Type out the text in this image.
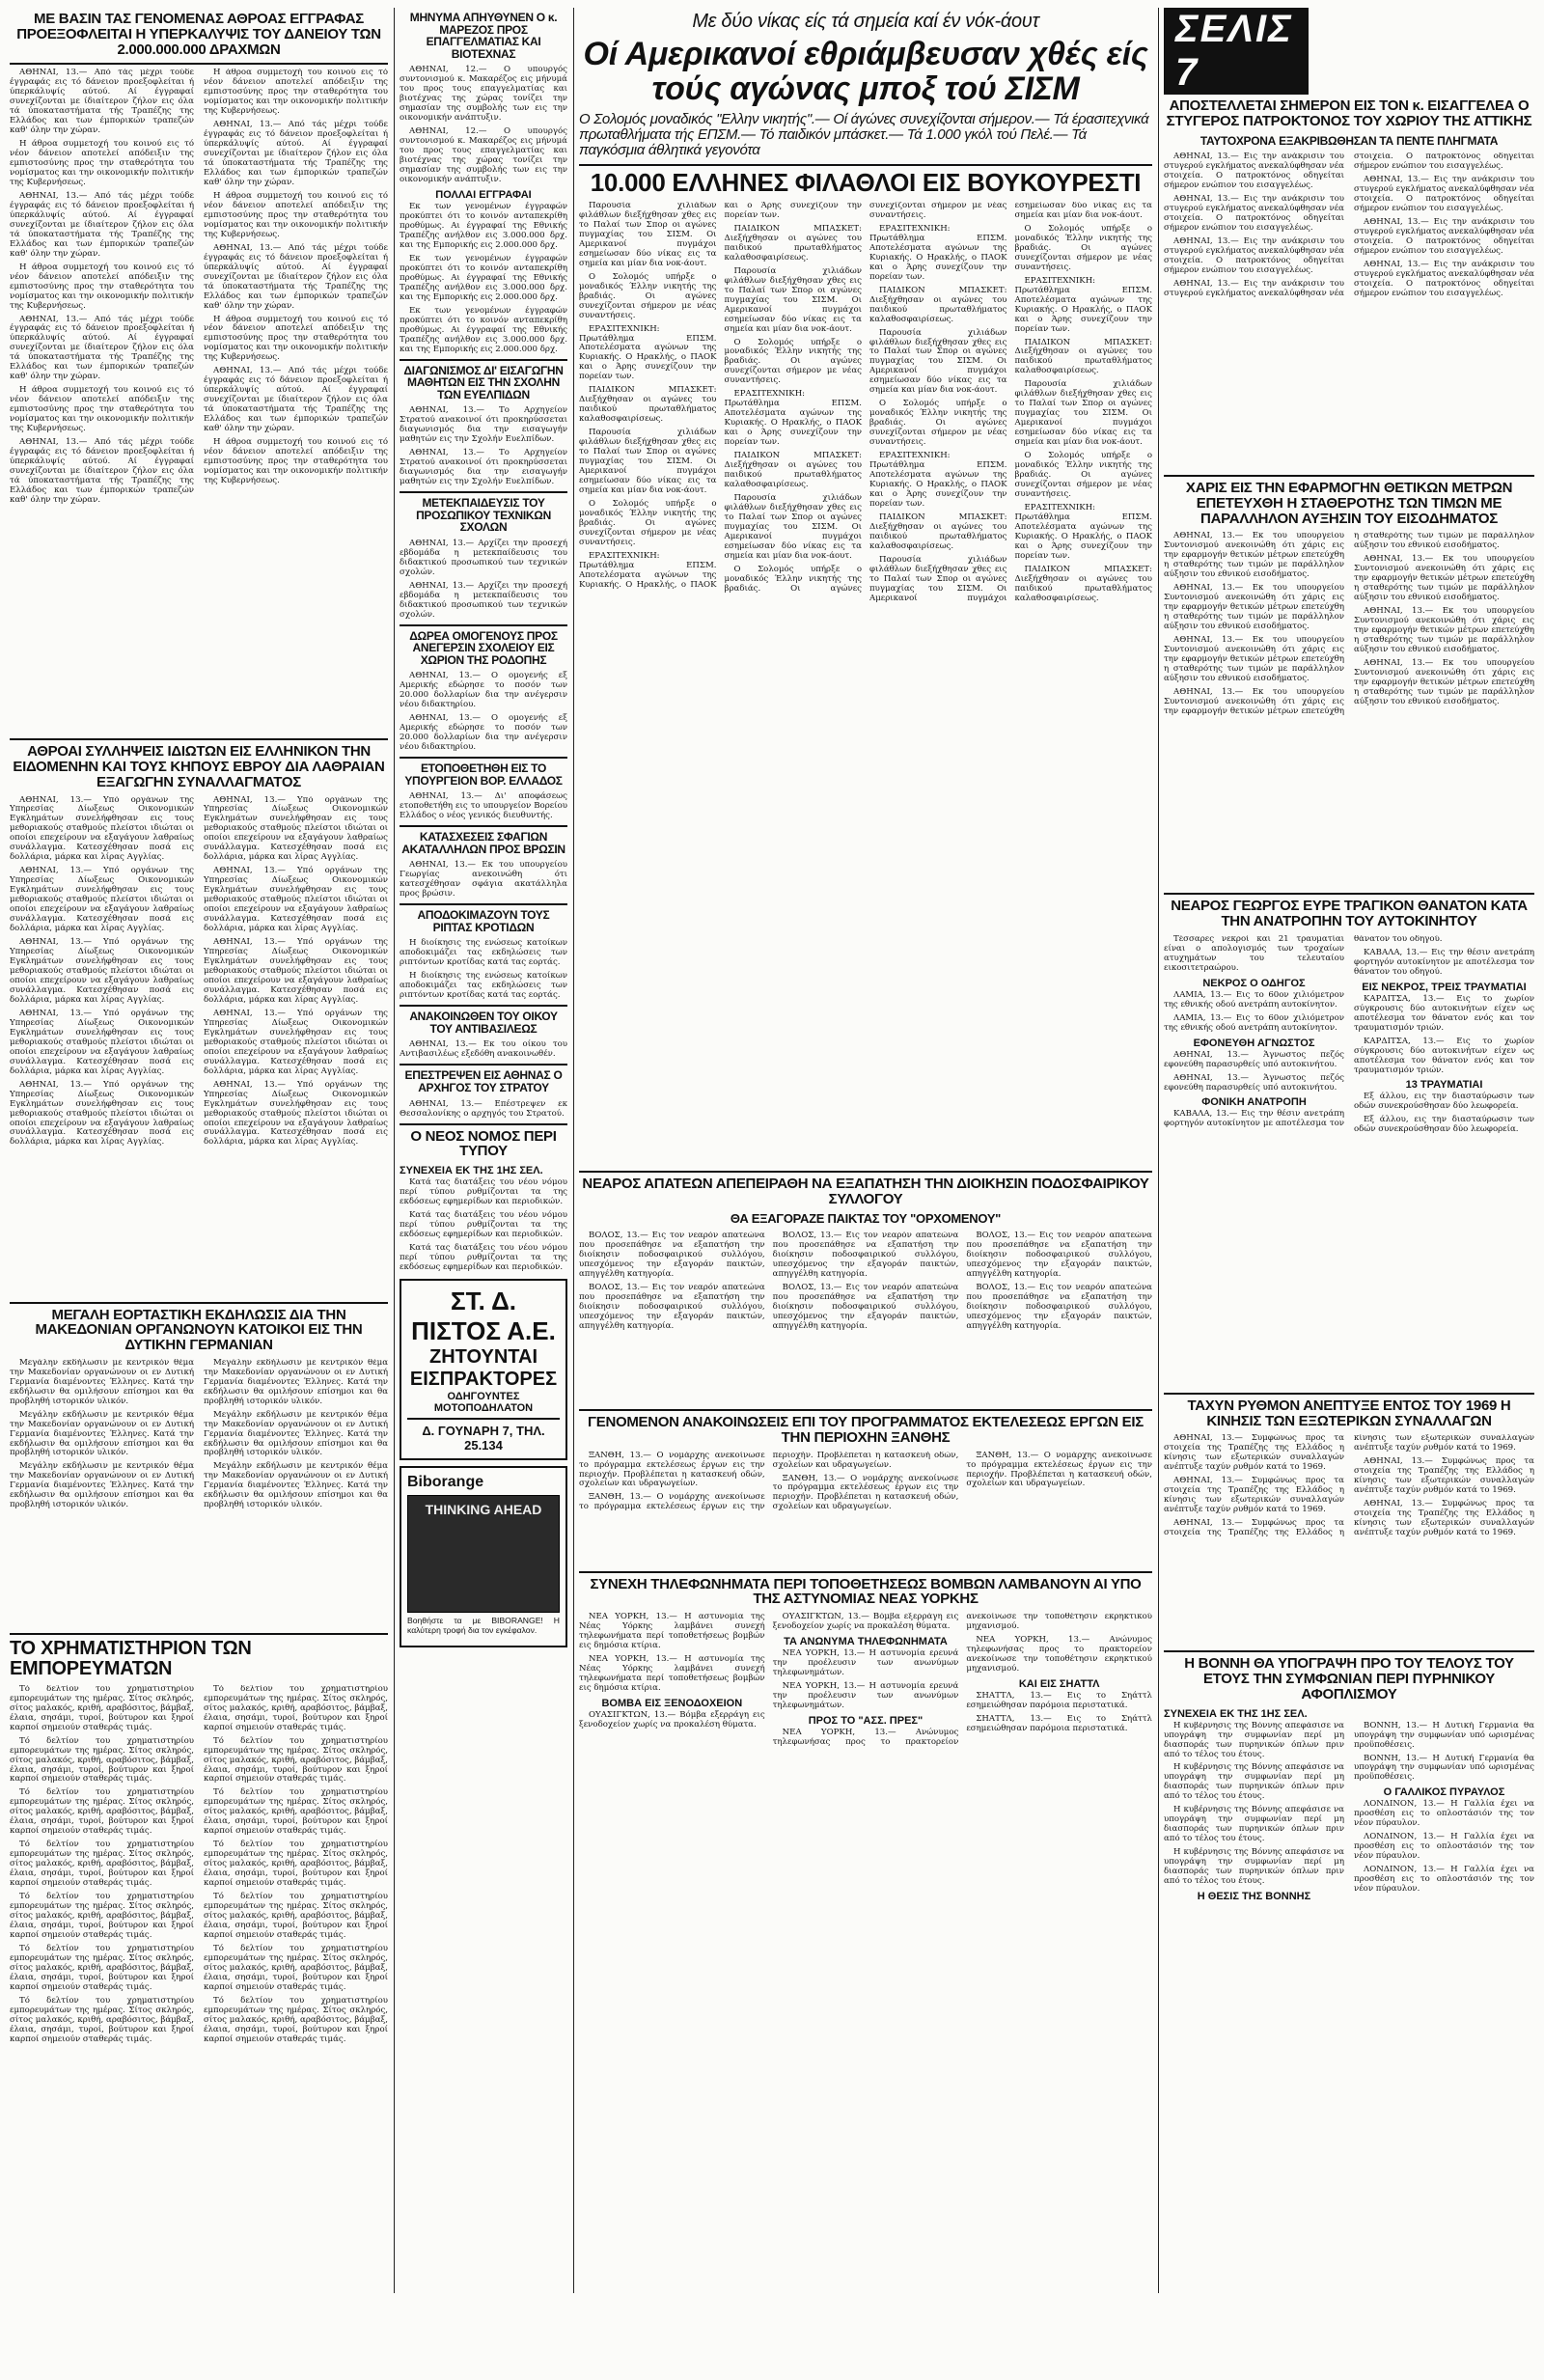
ΜΕ ΒΑΣΙΝ ΤΑΣ ΓΕΝΟΜΕΝΑΣ ΑΘΡΟΑΣ ΕΓΓΡΑΦΑΣ ΠΡΟΕΞΟΦΛΕΙΤΑΙ Η ΥΠΕΡΚΑΛΥΨΙΣ ΤΟΥ ΔΑΝΕΙΟΥ ΤΩΝ 2.000.000.000 ΔΡΑΧΜΩΝ

ΑΘΗΝΑΙ, 13.— Από τάς μέχρι τούδε έγγραφάς εις τό δάνειον προεξοφλείται ή ύπερκάλυψίς αύτού. Αί έγγραφαί συνεχίζονται με ίδιαίτερον ζήλον εις όλα τά ύποκαταστήματα τής Τραπέζης της Ελλάδος και των έμπορικών τραπεζών καθ' όλην την χώραν.

Η άθροα συμμετοχή του κοινού εις τό νέον δάνειον αποτελεί απόδειξιν της εμπιστοσύνης προς την σταθερότητα του νομίσματος και την οικονομικήν πολιτικήν της Κυβερνήσεως.

ΑΘΗΝΑΙ, 13.— Από τάς μέχρι τούδε έγγραφάς εις τό δάνειον προεξοφλείται ή ύπερκάλυψίς αύτού. Αί έγγραφαί συνεχίζονται με ίδιαίτερον ζήλον εις όλα τά ύποκαταστήματα τής Τραπέζης της Ελλάδος και των έμπορικών τραπεζών καθ' όλην την χώραν.

Η άθροα συμμετοχή του κοινού εις τό νέον δάνειον αποτελεί απόδειξιν της εμπιστοσύνης προς την σταθερότητα του νομίσματος και την οικονομικήν πολιτικήν της Κυβερνήσεως.

ΑΘΗΝΑΙ, 13.— Από τάς μέχρι τούδε έγγραφάς εις τό δάνειον προεξοφλείται ή ύπερκάλυψίς αύτού. Αί έγγραφαί συνεχίζονται με ίδιαίτερον ζήλον εις όλα τά ύποκαταστήματα τής Τραπέζης της Ελλάδος και των έμπορικών τραπεζών καθ' όλην την χώραν.

Η άθροα συμμετοχή του κοινού εις τό νέον δάνειον αποτελεί απόδειξιν της εμπιστοσύνης προς την σταθερότητα του νομίσματος και την οικονομικήν πολιτικήν της Κυβερνήσεως.

ΑΘΗΝΑΙ, 13.— Από τάς μέχρι τούδε έγγραφάς εις τό δάνειον προεξοφλείται ή ύπερκάλυψίς αύτού. Αί έγγραφαί συνεχίζονται με ίδιαίτερον ζήλον εις όλα τά ύποκαταστήματα τής Τραπέζης της Ελλάδος και των έμπορικών τραπεζών καθ' όλην την χώραν.

Η άθροα συμμετοχή του κοινού εις τό νέον δάνειον αποτελεί απόδειξιν της εμπιστοσύνης προς την σταθερότητα του νομίσματος και την οικονομικήν πολιτικήν της Κυβερνήσεως.

ΑΘΗΝΑΙ, 13.— Από τάς μέχρι τούδε έγγραφάς εις τό δάνειον προεξοφλείται ή ύπερκάλυψίς αύτού. Αί έγγραφαί συνεχίζονται με ίδιαίτερον ζήλον εις όλα τά ύποκαταστήματα τής Τραπέζης της Ελλάδος και των έμπορικών τραπεζών καθ' όλην την χώραν.

Η άθροα συμμετοχή του κοινού εις τό νέον δάνειον αποτελεί απόδειξιν της εμπιστοσύνης προς την σταθερότητα του νομίσματος και την οικονομικήν πολιτικήν της Κυβερνήσεως.

ΑΘΗΝΑΙ, 13.— Από τάς μέχρι τούδε έγγραφάς εις τό δάνειον προεξοφλείται ή ύπερκάλυψίς αύτού. Αί έγγραφαί συνεχίζονται με ίδιαίτερον ζήλον εις όλα τά ύποκαταστήματα τής Τραπέζης της Ελλάδος και των έμπορικών τραπεζών καθ' όλην την χώραν.

Η άθροα συμμετοχή του κοινού εις τό νέον δάνειον αποτελεί απόδειξιν της εμπιστοσύνης προς την σταθερότητα του νομίσματος και την οικονομικήν πολιτικήν της Κυβερνήσεως.

ΑΘΗΝΑΙ, 13.— Από τάς μέχρι τούδε έγγραφάς εις τό δάνειον προεξοφλείται ή ύπερκάλυψίς αύτού. Αί έγγραφαί συνεχίζονται με ίδιαίτερον ζήλον εις όλα τά ύποκαταστήματα τής Τραπέζης της Ελλάδος και των έμπορικών τραπεζών καθ' όλην την χώραν.

Η άθροα συμμετοχή του κοινού εις τό νέον δάνειον αποτελεί απόδειξιν της εμπιστοσύνης προς την σταθερότητα του νομίσματος και την οικονομικήν πολιτικήν της Κυβερνήσεως.

ΑΘΡΟΑΙ ΣΥΛΛΗΨΕΙΣ ΙΔΙΩΤΩΝ ΕΙΣ ΕΛΛΗΝΙΚΟΝ ΤΗΝ ΕΙΔΟΜΕΝΗΝ ΚΑΙ ΤΟΥΣ ΚΗΠΟΥΣ ΕΒΡΟΥ ΔΙΑ ΛΑΘΡΑΙΑΝ ΕΞΑΓΩΓΗΝ ΣΥΝΑΛΛΑΓΜΑΤΟΣ

ΑΘΗΝΑΙ, 13.— Υπό οργάνων της Υπηρεσίας Δίωξεως Οικονομικών Εγκλημάτων συνελήφθησαν εις τους μεθοριακούς σταθμούς πλείστοι ιδιώται οι οποίοι επεχείρουν να εξαγάγουν λαθραίως συνάλλαγμα. Κατεσχέθησαν ποσά εις δολλάρια, μάρκα και λίρας Αγγλίας.

ΑΘΗΝΑΙ, 13.— Υπό οργάνων της Υπηρεσίας Δίωξεως Οικονομικών Εγκλημάτων συνελήφθησαν εις τους μεθοριακούς σταθμούς πλείστοι ιδιώται οι οποίοι επεχείρουν να εξαγάγουν λαθραίως συνάλλαγμα. Κατεσχέθησαν ποσά εις δολλάρια, μάρκα και λίρας Αγγλίας.

ΑΘΗΝΑΙ, 13.— Υπό οργάνων της Υπηρεσίας Δίωξεως Οικονομικών Εγκλημάτων συνελήφθησαν εις τους μεθοριακούς σταθμούς πλείστοι ιδιώται οι οποίοι επεχείρουν να εξαγάγουν λαθραίως συνάλλαγμα. Κατεσχέθησαν ποσά εις δολλάρια, μάρκα και λίρας Αγγλίας.

ΑΘΗΝΑΙ, 13.— Υπό οργάνων της Υπηρεσίας Δίωξεως Οικονομικών Εγκλημάτων συνελήφθησαν εις τους μεθοριακούς σταθμούς πλείστοι ιδιώται οι οποίοι επεχείρουν να εξαγάγουν λαθραίως συνάλλαγμα. Κατεσχέθησαν ποσά εις δολλάρια, μάρκα και λίρας Αγγλίας.

ΑΘΗΝΑΙ, 13.— Υπό οργάνων της Υπηρεσίας Δίωξεως Οικονομικών Εγκλημάτων συνελήφθησαν εις τους μεθοριακούς σταθμούς πλείστοι ιδιώται οι οποίοι επεχείρουν να εξαγάγουν λαθραίως συνάλλαγμα. Κατεσχέθησαν ποσά εις δολλάρια, μάρκα και λίρας Αγγλίας.

ΑΘΗΝΑΙ, 13.— Υπό οργάνων της Υπηρεσίας Δίωξεως Οικονομικών Εγκλημάτων συνελήφθησαν εις τους μεθοριακούς σταθμούς πλείστοι ιδιώται οι οποίοι επεχείρουν να εξαγάγουν λαθραίως συνάλλαγμα. Κατεσχέθησαν ποσά εις δολλάρια, μάρκα και λίρας Αγγλίας.

ΑΘΗΝΑΙ, 13.— Υπό οργάνων της Υπηρεσίας Δίωξεως Οικονομικών Εγκλημάτων συνελήφθησαν εις τους μεθοριακούς σταθμούς πλείστοι ιδιώται οι οποίοι επεχείρουν να εξαγάγουν λαθραίως συνάλλαγμα. Κατεσχέθησαν ποσά εις δολλάρια, μάρκα και λίρας Αγγλίας.

ΑΘΗΝΑΙ, 13.— Υπό οργάνων της Υπηρεσίας Δίωξεως Οικονομικών Εγκλημάτων συνελήφθησαν εις τους μεθοριακούς σταθμούς πλείστοι ιδιώται οι οποίοι επεχείρουν να εξαγάγουν λαθραίως συνάλλαγμα. Κατεσχέθησαν ποσά εις δολλάρια, μάρκα και λίρας Αγγλίας.

ΑΘΗΝΑΙ, 13.— Υπό οργάνων της Υπηρεσίας Δίωξεως Οικονομικών Εγκλημάτων συνελήφθησαν εις τους μεθοριακούς σταθμούς πλείστοι ιδιώται οι οποίοι επεχείρουν να εξαγάγουν λαθραίως συνάλλαγμα. Κατεσχέθησαν ποσά εις δολλάρια, μάρκα και λίρας Αγγλίας.

ΑΘΗΝΑΙ, 13.— Υπό οργάνων της Υπηρεσίας Δίωξεως Οικονομικών Εγκλημάτων συνελήφθησαν εις τους μεθοριακούς σταθμούς πλείστοι ιδιώται οι οποίοι επεχείρουν να εξαγάγουν λαθραίως συνάλλαγμα. Κατεσχέθησαν ποσά εις δολλάρια, μάρκα και λίρας Αγγλίας.

ΜΕΓΑΛΗ ΕΟΡΤΑΣΤΙΚΗ ΕΚΔΗΛΩΣΙΣ ΔΙΑ ΤΗΝ ΜΑΚΕΔΟΝΙΑΝ ΟΡΓΑΝΩΝΟΥΝ ΚΑΤΟΙΚΟΙ ΕΙΣ ΤΗΝ ΔΥΤΙΚΗΝ ΓΕΡΜΑΝΙΑΝ

Μεγάλην εκδήλωσιν με κεντρικόν θέμα την Μακεδονίαν οργανώνουν οι εν Δυτική Γερμανία διαμένοντες Έλληνες. Κατά την εκδήλωσιν θα ομιλήσουν επίσημοι και θα προβληθή ιστορικόν υλικόν.

Μεγάλην εκδήλωσιν με κεντρικόν θέμα την Μακεδονίαν οργανώνουν οι εν Δυτική Γερμανία διαμένοντες Έλληνες. Κατά την εκδήλωσιν θα ομιλήσουν επίσημοι και θα προβληθή ιστορικόν υλικόν.

Μεγάλην εκδήλωσιν με κεντρικόν θέμα την Μακεδονίαν οργανώνουν οι εν Δυτική Γερμανία διαμένοντες Έλληνες. Κατά την εκδήλωσιν θα ομιλήσουν επίσημοι και θα προβληθή ιστορικόν υλικόν.

Μεγάλην εκδήλωσιν με κεντρικόν θέμα την Μακεδονίαν οργανώνουν οι εν Δυτική Γερμανία διαμένοντες Έλληνες. Κατά την εκδήλωσιν θα ομιλήσουν επίσημοι και θα προβληθή ιστορικόν υλικόν.

Μεγάλην εκδήλωσιν με κεντρικόν θέμα την Μακεδονίαν οργανώνουν οι εν Δυτική Γερμανία διαμένοντες Έλληνες. Κατά την εκδήλωσιν θα ομιλήσουν επίσημοι και θα προβληθή ιστορικόν υλικόν.

Μεγάλην εκδήλωσιν με κεντρικόν θέμα την Μακεδονίαν οργανώνουν οι εν Δυτική Γερμανία διαμένοντες Έλληνες. Κατά την εκδήλωσιν θα ομιλήσουν επίσημοι και θα προβληθή ιστορικόν υλικόν.

ΤΟ ΧΡΗΜΑΤΙΣΤΗΡΙΟΝ ΤΩΝ ΕΜΠΟΡΕΥΜΑΤΩΝ

Τό δελτίον του χρηματιστηρίου εμπορευμάτων της ημέρας. Σίτος σκληρός, σίτος μαλακός, κριθή, αραβόσιτος, βάμβαξ, έλαια, σησάμι, τυροί, βούτυρον και ξηροί καρποί σημειούν σταθεράς τιμάς.

Τό δελτίον του χρηματιστηρίου εμπορευμάτων της ημέρας. Σίτος σκληρός, σίτος μαλακός, κριθή, αραβόσιτος, βάμβαξ, έλαια, σησάμι, τυροί, βούτυρον και ξηροί καρποί σημειούν σταθεράς τιμάς.

Τό δελτίον του χρηματιστηρίου εμπορευμάτων της ημέρας. Σίτος σκληρός, σίτος μαλακός, κριθή, αραβόσιτος, βάμβαξ, έλαια, σησάμι, τυροί, βούτυρον και ξηροί καρποί σημειούν σταθεράς τιμάς.

Τό δελτίον του χρηματιστηρίου εμπορευμάτων της ημέρας. Σίτος σκληρός, σίτος μαλακός, κριθή, αραβόσιτος, βάμβαξ, έλαια, σησάμι, τυροί, βούτυρον και ξηροί καρποί σημειούν σταθεράς τιμάς.

Τό δελτίον του χρηματιστηρίου εμπορευμάτων της ημέρας. Σίτος σκληρός, σίτος μαλακός, κριθή, αραβόσιτος, βάμβαξ, έλαια, σησάμι, τυροί, βούτυρον και ξηροί καρποί σημειούν σταθεράς τιμάς.

Τό δελτίον του χρηματιστηρίου εμπορευμάτων της ημέρας. Σίτος σκληρός, σίτος μαλακός, κριθή, αραβόσιτος, βάμβαξ, έλαια, σησάμι, τυροί, βούτυρον και ξηροί καρποί σημειούν σταθεράς τιμάς.

Τό δελτίον του χρηματιστηρίου εμπορευμάτων της ημέρας. Σίτος σκληρός, σίτος μαλακός, κριθή, αραβόσιτος, βάμβαξ, έλαια, σησάμι, τυροί, βούτυρον και ξηροί καρποί σημειούν σταθεράς τιμάς.

Τό δελτίον του χρηματιστηρίου εμπορευμάτων της ημέρας. Σίτος σκληρός, σίτος μαλακός, κριθή, αραβόσιτος, βάμβαξ, έλαια, σησάμι, τυροί, βούτυρον και ξηροί καρποί σημειούν σταθεράς τιμάς.

Τό δελτίον του χρηματιστηρίου εμπορευμάτων της ημέρας. Σίτος σκληρός, σίτος μαλακός, κριθή, αραβόσιτος, βάμβαξ, έλαια, σησάμι, τυροί, βούτυρον και ξηροί καρποί σημειούν σταθεράς τιμάς.

Τό δελτίον του χρηματιστηρίου εμπορευμάτων της ημέρας. Σίτος σκληρός, σίτος μαλακός, κριθή, αραβόσιτος, βάμβαξ, έλαια, σησάμι, τυροί, βούτυρον και ξηροί καρποί σημειούν σταθεράς τιμάς.

Τό δελτίον του χρηματιστηρίου εμπορευμάτων της ημέρας. Σίτος σκληρός, σίτος μαλακός, κριθή, αραβόσιτος, βάμβαξ, έλαια, σησάμι, τυροί, βούτυρον και ξηροί καρποί σημειούν σταθεράς τιμάς.

Τό δελτίον του χρηματιστηρίου εμπορευμάτων της ημέρας. Σίτος σκληρός, σίτος μαλακός, κριθή, αραβόσιτος, βάμβαξ, έλαια, σησάμι, τυροί, βούτυρον και ξηροί καρποί σημειούν σταθεράς τιμάς.

Τό δελτίον του χρηματιστηρίου εμπορευμάτων της ημέρας. Σίτος σκληρός, σίτος μαλακός, κριθή, αραβόσιτος, βάμβαξ, έλαια, σησάμι, τυροί, βούτυρον και ξηροί καρποί σημειούν σταθεράς τιμάς.

Τό δελτίον του χρηματιστηρίου εμπορευμάτων της ημέρας. Σίτος σκληρός, σίτος μαλακός, κριθή, αραβόσιτος, βάμβαξ, έλαια, σησάμι, τυροί, βούτυρον και ξηροί καρποί σημειούν σταθεράς τιμάς.

ΜΗΝΥΜΑ ΑΠΗΥΘΥΝΕΝ Ο κ. ΜΑΡΕΖΟΣ ΠΡΟΣ ΕΠΑΓΓΕΛΜΑΤΙΑΣ ΚΑΙ ΒΙΟΤΕΧΝΑΣ

ΑΘΗΝΑΙ, 12.— Ο υπουργός συντονισμού κ. Μακαρέζος εις μήνυμά του προς τους επαγγελματίας και βιοτέχνας της χώρας τονίζει την σημασίαν της συμβολής των εις την οικονομικήν ανάπτυξιν.

ΑΘΗΝΑΙ, 12.— Ο υπουργός συντονισμού κ. Μακαρέζος εις μήνυμά του προς τους επαγγελματίας και βιοτέχνας της χώρας τονίζει την σημασίαν της συμβολής των εις την οικονομικήν ανάπτυξιν.

ΠΟΛΛΑΙ ΕΓΓΡΑΦΑΙ

Εκ των γενομένων έγγραφών προκύπτει ότι το κοινόν ανταπεκρίθη προθύμως. Αι έγγραφαί της Εθνικής Τραπέζης ανήλθον εις 3.000.000 δρχ. και της Εμπορικής εις 2.000.000 δρχ.

Εκ των γενομένων έγγραφών προκύπτει ότι το κοινόν ανταπεκρίθη προθύμως. Αι έγγραφαί της Εθνικής Τραπέζης ανήλθον εις 3.000.000 δρχ. και της Εμπορικής εις 2.000.000 δρχ.

Εκ των γενομένων έγγραφών προκύπτει ότι το κοινόν ανταπεκρίθη προθύμως. Αι έγγραφαί της Εθνικής Τραπέζης ανήλθον εις 3.000.000 δρχ. και της Εμπορικής εις 2.000.000 δρχ.

ΔΙΑΓΩΝΙΣΜΟΣ ΔΙ' ΕΙΣΑΓΩΓΗΝ ΜΑΘΗΤΩΝ ΕΙΣ ΤΗΝ ΣΧΟΛΗΝ ΤΩΝ ΕΥΕΛΠΙΔΩΝ

ΑΘΗΝΑΙ, 13.— Το Αρχηγείον Στρατού ανακοινοί ότι προκηρύσσεται διαγωνισμός δια την εισαγωγήν μαθητών εις την Σχολήν Ευελπίδων.

ΑΘΗΝΑΙ, 13.— Το Αρχηγείον Στρατού ανακοινοί ότι προκηρύσσεται διαγωνισμός δια την εισαγωγήν μαθητών εις την Σχολήν Ευελπίδων.

ΜΕΤΕΚΠΑΙΔΕΥΣΙΣ ΤΟΥ ΠΡΟΣΩΠΙΚΟΥ ΤΕΧΝΙΚΩΝ ΣΧΟΛΩΝ

ΑΘΗΝΑΙ, 13.— Αρχίζει την προσεχή εβδομάδα η μετεκπαίδευσις του διδακτικού προσωπικού των τεχνικών σχολών.

ΑΘΗΝΑΙ, 13.— Αρχίζει την προσεχή εβδομάδα η μετεκπαίδευσις του διδακτικού προσωπικού των τεχνικών σχολών.

ΔΩΡΕΑ ΟΜΟΓΕΝΟΥΣ ΠΡΟΣ ΑΝΕΓΕΡΣΙΝ ΣΧΟΛΕΙΟΥ ΕΙΣ ΧΩΡΙΟΝ ΤΗΣ ΡΟΔΟΠΗΣ

ΑΘΗΝΑΙ, 13.— Ο ομογενής εξ Αμερικής εδώρησε το ποσόν των 20.000 δολλαρίων δια την ανέγερσιν νέου διδακτηρίου.

ΑΘΗΝΑΙ, 13.— Ο ομογενής εξ Αμερικής εδώρησε το ποσόν των 20.000 δολλαρίων δια την ανέγερσιν νέου διδακτηρίου.

ΕΤΟΠΟΘΕΤΗΘΗ ΕΙΣ ΤΟ ΥΠΟΥΡΓΕΙΟΝ ΒΟΡ. ΕΛΛΑΔΟΣ

ΑΘΗΝΑΙ, 13.— Δι' αποφάσεως ετοποθετήθη εις το υπουργείον Βορείου Ελλάδος ο νέος γενικός διευθυντής.

ΚΑΤΑΣΧΕΣΕΙΣ ΣΦΑΓΙΩΝ ΑΚΑΤΑΛΛΗΛΩΝ ΠΡΟΣ ΒΡΩΣΙΝ

ΑΘΗΝΑΙ, 13.— Εκ του υπουργείου Γεωργίας ανεκοινώθη ότι κατεσχέθησαν σφάγια ακατάλληλα προς βρώσιν.

ΑΠΟΔΟΚΙΜΑΖΟΥΝ ΤΟΥΣ ΡΙΠΤΑΣ ΚΡΟΤΙΔΩΝ

Η διοίκησις της ενώσεως κατοίκων αποδοκιμάζει τας εκδηλώσεις των ριπτόντων κροτίδας κατά τας εορτάς.

Η διοίκησις της ενώσεως κατοίκων αποδοκιμάζει τας εκδηλώσεις των ριπτόντων κροτίδας κατά τας εορτάς.

ΑΝΑΚΟΙΝΩΘΕΝ ΤΟΥ ΟΙΚΟΥ ΤΟΥ ΑΝΤΙΒΑΣΙΛΕΩΣ

ΑΘΗΝΑΙ, 13.— Εκ του οίκου του Αντιβασιλέως εξεδόθη ανακοινωθέν.

ΕΠΕΣΤΡΕΨΕΝ ΕΙΣ ΑΘΗΝΑΣ Ο ΑΡΧΗΓΟΣ ΤΟΥ ΣΤΡΑΤΟΥ

ΑΘΗΝΑΙ, 13.— Επέστρεψεν εκ Θεσσαλονίκης ο αρχηγός του Στρατού.

Ο ΝΕΟΣ ΝΟΜΟΣ ΠΕΡΙ ΤΥΠΟΥ
ΣΥΝΕΧΕΙΑ ΕΚ ΤΗΣ 1ΗΣ ΣΕΛ.

Κατά τας διατάξεις του νέου νόμου περί τύπου ρυθμίζονται τα της εκδόσεως εφημερίδων και περιοδικών.

Κατά τας διατάξεις του νέου νόμου περί τύπου ρυθμίζονται τα της εκδόσεως εφημερίδων και περιοδικών.

Κατά τας διατάξεις του νέου νόμου περί τύπου ρυθμίζονται τα της εκδόσεως εφημερίδων και περιοδικών.

ΣΤ. Δ. ΠΙΣΤΟΣ Α.Ε.
ΖΗΤΟΥΝΤΑΙ
ΕΙΣΠΡΑΚΤΟΡΕΣ
ΟΔΗΓΟΥΝΤΕΣ ΜΟΤΟΠΟΔΗΛΑΤΟΝ
Δ. ΓΟΥΝΑΡΗ 7, ΤΗΛ. 25.134
Biborange
THINKING AHEAD

Βοηθήστε τα με BIBORANGE! Η καλύτερη τροφή δια τον εγκέφαλον.

Με δύο νίκας είς τά σημεία καί έν νόκ-άουτ
Οί Αμερικανοί εθριάμβευσαν χθές είς τούς αγώνας μποξ τού ΣΙΣΜ
Ο Σολομός μοναδικός "Ελλην νικητής".— Οί άγώνες συνεχίζονται σήμερον.— Τά έρασιτεχνικά πρωταθλήματα τής ΕΠΣΜ.— Τό παιδικόν μπάσκετ.— Τά 1.000 γκόλ τού Πελέ.— Τά παγκόσμια άθλητικά γεγονότα
10.000 ΕΛΛΗΝΕΣ ΦΙΛΑΘΛΟΙ ΕΙΣ ΒΟΥΚΟΥΡΕΣΤΙ

Παρουσία χιλιάδων φιλάθλων διεξήχθησαν χθες εις το Παλαί των Σπορ οι αγώνες πυγμαχίας του ΣΙΣΜ. Οι Αμερικανοί πυγμάχοι εσημείωσαν δύο νίκας εις τα σημεία και μίαν δια νοκ-άουτ.

Ο Σολομός υπήρξε ο μοναδικός Έλλην νικητής της βραδιάς. Οι αγώνες συνεχίζονται σήμερον με νέας συναντήσεις.

ΕΡΑΣΙΤΕΧΝΙΚΗ: Πρωτάθλημα ΕΠΣΜ. Αποτελέσματα αγώνων της Κυριακής. Ο Ηρακλής, ο ΠΑΟΚ και ο Άρης συνεχίζουν την πορείαν των.

ΠΑΙΔΙΚΟΝ ΜΠΑΣΚΕΤ: Διεξήχθησαν οι αγώνες του παιδικού πρωταθλήματος καλαθοσφαιρίσεως.

Παρουσία χιλιάδων φιλάθλων διεξήχθησαν χθες εις το Παλαί των Σπορ οι αγώνες πυγμαχίας του ΣΙΣΜ. Οι Αμερικανοί πυγμάχοι εσημείωσαν δύο νίκας εις τα σημεία και μίαν δια νοκ-άουτ.

Ο Σολομός υπήρξε ο μοναδικός Έλλην νικητής της βραδιάς. Οι αγώνες συνεχίζονται σήμερον με νέας συναντήσεις.

ΕΡΑΣΙΤΕΧΝΙΚΗ: Πρωτάθλημα ΕΠΣΜ. Αποτελέσματα αγώνων της Κυριακής. Ο Ηρακλής, ο ΠΑΟΚ και ο Άρης συνεχίζουν την πορείαν των.

ΠΑΙΔΙΚΟΝ ΜΠΑΣΚΕΤ: Διεξήχθησαν οι αγώνες του παιδικού πρωταθλήματος καλαθοσφαιρίσεως.

Παρουσία χιλιάδων φιλάθλων διεξήχθησαν χθες εις το Παλαί των Σπορ οι αγώνες πυγμαχίας του ΣΙΣΜ. Οι Αμερικανοί πυγμάχοι εσημείωσαν δύο νίκας εις τα σημεία και μίαν δια νοκ-άουτ.

Ο Σολομός υπήρξε ο μοναδικός Έλλην νικητής της βραδιάς. Οι αγώνες συνεχίζονται σήμερον με νέας συναντήσεις.

ΕΡΑΣΙΤΕΧΝΙΚΗ: Πρωτάθλημα ΕΠΣΜ. Αποτελέσματα αγώνων της Κυριακής. Ο Ηρακλής, ο ΠΑΟΚ και ο Άρης συνεχίζουν την πορείαν των.

ΠΑΙΔΙΚΟΝ ΜΠΑΣΚΕΤ: Διεξήχθησαν οι αγώνες του παιδικού πρωταθλήματος καλαθοσφαιρίσεως.

Παρουσία χιλιάδων φιλάθλων διεξήχθησαν χθες εις το Παλαί των Σπορ οι αγώνες πυγμαχίας του ΣΙΣΜ. Οι Αμερικανοί πυγμάχοι εσημείωσαν δύο νίκας εις τα σημεία και μίαν δια νοκ-άουτ.

Ο Σολομός υπήρξε ο μοναδικός Έλλην νικητής της βραδιάς. Οι αγώνες συνεχίζονται σήμερον με νέας συναντήσεις.

ΕΡΑΣΙΤΕΧΝΙΚΗ: Πρωτάθλημα ΕΠΣΜ. Αποτελέσματα αγώνων της Κυριακής. Ο Ηρακλής, ο ΠΑΟΚ και ο Άρης συνεχίζουν την πορείαν των.

ΠΑΙΔΙΚΟΝ ΜΠΑΣΚΕΤ: Διεξήχθησαν οι αγώνες του παιδικού πρωταθλήματος καλαθοσφαιρίσεως.

Παρουσία χιλιάδων φιλάθλων διεξήχθησαν χθες εις το Παλαί των Σπορ οι αγώνες πυγμαχίας του ΣΙΣΜ. Οι Αμερικανοί πυγμάχοι εσημείωσαν δύο νίκας εις τα σημεία και μίαν δια νοκ-άουτ.

Ο Σολομός υπήρξε ο μοναδικός Έλλην νικητής της βραδιάς. Οι αγώνες συνεχίζονται σήμερον με νέας συναντήσεις.

ΕΡΑΣΙΤΕΧΝΙΚΗ: Πρωτάθλημα ΕΠΣΜ. Αποτελέσματα αγώνων της Κυριακής. Ο Ηρακλής, ο ΠΑΟΚ και ο Άρης συνεχίζουν την πορείαν των.

ΠΑΙΔΙΚΟΝ ΜΠΑΣΚΕΤ: Διεξήχθησαν οι αγώνες του παιδικού πρωταθλήματος καλαθοσφαιρίσεως.

Παρουσία χιλιάδων φιλάθλων διεξήχθησαν χθες εις το Παλαί των Σπορ οι αγώνες πυγμαχίας του ΣΙΣΜ. Οι Αμερικανοί πυγμάχοι εσημείωσαν δύο νίκας εις τα σημεία και μίαν δια νοκ-άουτ.

Ο Σολομός υπήρξε ο μοναδικός Έλλην νικητής της βραδιάς. Οι αγώνες συνεχίζονται σήμερον με νέας συναντήσεις.

ΕΡΑΣΙΤΕΧΝΙΚΗ: Πρωτάθλημα ΕΠΣΜ. Αποτελέσματα αγώνων της Κυριακής. Ο Ηρακλής, ο ΠΑΟΚ και ο Άρης συνεχίζουν την πορείαν των.

ΠΑΙΔΙΚΟΝ ΜΠΑΣΚΕΤ: Διεξήχθησαν οι αγώνες του παιδικού πρωταθλήματος καλαθοσφαιρίσεως.

Παρουσία χιλιάδων φιλάθλων διεξήχθησαν χθες εις το Παλαί των Σπορ οι αγώνες πυγμαχίας του ΣΙΣΜ. Οι Αμερικανοί πυγμάχοι εσημείωσαν δύο νίκας εις τα σημεία και μίαν δια νοκ-άουτ.

Ο Σολομός υπήρξε ο μοναδικός Έλλην νικητής της βραδιάς. Οι αγώνες συνεχίζονται σήμερον με νέας συναντήσεις.

ΕΡΑΣΙΤΕΧΝΙΚΗ: Πρωτάθλημα ΕΠΣΜ. Αποτελέσματα αγώνων της Κυριακής. Ο Ηρακλής, ο ΠΑΟΚ και ο Άρης συνεχίζουν την πορείαν των.

ΠΑΙΔΙΚΟΝ ΜΠΑΣΚΕΤ: Διεξήχθησαν οι αγώνες του παιδικού πρωταθλήματος καλαθοσφαιρίσεως.

ΝΕΑΡΟΣ ΑΠΑΤΕΩΝ ΑΠΕΠΕΙΡΑΘΗ ΝΑ ΕΞΑΠΑΤΗΣΗ ΤΗΝ ΔΙΟΙΚΗΣΙΝ ΠΟΔΟΣΦΑΙΡΙΚΟΥ ΣΥΛΛΟΓΟΥ
ΘΑ ΕΞΑΓΟΡΑΖΕ ΠΑΙΚΤΑΣ ΤΟΥ "ΟΡΧΟΜΕΝΟΥ"

ΒΟΛΟΣ, 13.— Εις τον νεαρόν απατεώνα που προσεπάθησε να εξαπατήση την διοίκησιν ποδοσφαιρικού συλλόγου, υπεσχόμενος την εξαγοράν παικτών, απηγγέλθη κατηγορία.

ΒΟΛΟΣ, 13.— Εις τον νεαρόν απατεώνα που προσεπάθησε να εξαπατήση την διοίκησιν ποδοσφαιρικού συλλόγου, υπεσχόμενος την εξαγοράν παικτών, απηγγέλθη κατηγορία.

ΒΟΛΟΣ, 13.— Εις τον νεαρόν απατεώνα που προσεπάθησε να εξαπατήση την διοίκησιν ποδοσφαιρικού συλλόγου, υπεσχόμενος την εξαγοράν παικτών, απηγγέλθη κατηγορία.

ΒΟΛΟΣ, 13.— Εις τον νεαρόν απατεώνα που προσεπάθησε να εξαπατήση την διοίκησιν ποδοσφαιρικού συλλόγου, υπεσχόμενος την εξαγοράν παικτών, απηγγέλθη κατηγορία.

ΒΟΛΟΣ, 13.— Εις τον νεαρόν απατεώνα που προσεπάθησε να εξαπατήση την διοίκησιν ποδοσφαιρικού συλλόγου, υπεσχόμενος την εξαγοράν παικτών, απηγγέλθη κατηγορία.

ΒΟΛΟΣ, 13.— Εις τον νεαρόν απατεώνα που προσεπάθησε να εξαπατήση την διοίκησιν ποδοσφαιρικού συλλόγου, υπεσχόμενος την εξαγοράν παικτών, απηγγέλθη κατηγορία.

ΓΕΝΟΜΕΝΟΝ ΑΝΑΚΟΙΝΩΣΕΙΣ ΕΠΙ ΤΟΥ ΠΡΟΓΡΑΜΜΑΤΟΣ ΕΚΤΕΛΕΣΕΩΣ ΕΡΓΩΝ ΕΙΣ ΤΗΝ ΠΕΡΙΟΧΗΝ ΞΑΝΘΗΣ

ΞΑΝΘΗ, 13.— Ο νομάρχης ανεκοίνωσε το πρόγραμμα εκτελέσεως έργων εις την περιοχήν. Προβλέπεται η κατασκευή οδών, σχολείων και υδραγωγείων.

ΞΑΝΘΗ, 13.— Ο νομάρχης ανεκοίνωσε το πρόγραμμα εκτελέσεως έργων εις την περιοχήν. Προβλέπεται η κατασκευή οδών, σχολείων και υδραγωγείων.

ΞΑΝΘΗ, 13.— Ο νομάρχης ανεκοίνωσε το πρόγραμμα εκτελέσεως έργων εις την περιοχήν. Προβλέπεται η κατασκευή οδών, σχολείων και υδραγωγείων.

ΞΑΝΘΗ, 13.— Ο νομάρχης ανεκοίνωσε το πρόγραμμα εκτελέσεως έργων εις την περιοχήν. Προβλέπεται η κατασκευή οδών, σχολείων και υδραγωγείων.

ΣΥΝΕΧΗ ΤΗΛΕΦΩΝΗΜΑΤΑ ΠΕΡΙ ΤΟΠΟΘΕΤΗΣΕΩΣ ΒΟΜΒΩΝ ΛΑΜΒΑΝΟΥΝ ΑΙ ΥΠΟ ΤΗΣ ΑΣΤΥΝΟΜΙΑΣ ΝΕΑΣ ΥΟΡΚΗΣ

ΝΕΑ ΥΟΡΚΗ, 13.— Η αστυνομία της Νέας Υόρκης λαμβάνει συνεχή τηλεφωνήματα περί τοποθετήσεως βομβών εις δημόσια κτίρια.

ΝΕΑ ΥΟΡΚΗ, 13.— Η αστυνομία της Νέας Υόρκης λαμβάνει συνεχή τηλεφωνήματα περί τοποθετήσεως βομβών εις δημόσια κτίρια.

ΒΟΜΒΑ ΕΙΣ ΞΕΝΟΔΟΧΕΙΟΝ

ΟΥΑΣΙΓΚΤΩΝ, 13.— Βόμβα εξερράγη εις ξενοδοχείον χωρίς να προκαλέση θύματα.

ΟΥΑΣΙΓΚΤΩΝ, 13.— Βόμβα εξερράγη εις ξενοδοχείον χωρίς να προκαλέση θύματα.

ΤΑ ΑΝΩΝΥΜΑ ΤΗΛΕΦΩΝΗΜΑΤΑ

ΝΕΑ ΥΟΡΚΗ, 13.— Η αστυνομία ερευνά την προέλευσιν των ανωνύμων τηλεφωνημάτων.

ΝΕΑ ΥΟΡΚΗ, 13.— Η αστυνομία ερευνά την προέλευσιν των ανωνύμων τηλεφωνημάτων.

ΠΡΟΣ ΤΟ "ΑΣΣ. ΠΡΕΣ"

ΝΕΑ ΥΟΡΚΗ, 13.— Ανώνυμος τηλεφωνήσας προς το πρακτορείον ανεκοίνωσε την τοποθέτησιν εκρηκτικού μηχανισμού.

ΝΕΑ ΥΟΡΚΗ, 13.— Ανώνυμος τηλεφωνήσας προς το πρακτορείον ανεκοίνωσε την τοποθέτησιν εκρηκτικού μηχανισμού.

ΚΑΙ ΕΙΣ ΣΗΑΤΤΛ

ΣΗΑΤΤΛ, 13.— Εις το Σηάττλ εσημειώθησαν παρόμοια περιστατικά.

ΣΗΑΤΤΛ, 13.— Εις το Σηάττλ εσημειώθησαν παρόμοια περιστατικά.

ΣΕΛΙΣ 7
ΑΠΟΣΤΕΛΛΕΤΑΙ ΣΗΜΕΡΟΝ ΕΙΣ ΤΟΝ κ. ΕΙΣΑΓΓΕΛΕΑ Ο ΣΤΥΓΕΡΟΣ ΠΑΤΡΟΚΤΟΝΟΣ ΤΟΥ ΧΩΡΙΟΥ ΤΗΣ ΑΤΤΙΚΗΣ
ΤΑΥΤΟΧΡΟΝΑ ΕΞΑΚΡΙΒΩΘΗΣΑΝ ΤΑ ΠΕΝΤΕ ΠΛΗΓΜΑΤΑ

ΑΘΗΝΑΙ, 13.— Εις την ανάκρισιν του στυγερού εγκλήματος ανεκαλύφθησαν νέα στοιχεία. Ο πατροκτόνος οδηγείται σήμερον ενώπιον του εισαγγελέως.

ΑΘΗΝΑΙ, 13.— Εις την ανάκρισιν του στυγερού εγκλήματος ανεκαλύφθησαν νέα στοιχεία. Ο πατροκτόνος οδηγείται σήμερον ενώπιον του εισαγγελέως.

ΑΘΗΝΑΙ, 13.— Εις την ανάκρισιν του στυγερού εγκλήματος ανεκαλύφθησαν νέα στοιχεία. Ο πατροκτόνος οδηγείται σήμερον ενώπιον του εισαγγελέως.

ΑΘΗΝΑΙ, 13.— Εις την ανάκρισιν του στυγερού εγκλήματος ανεκαλύφθησαν νέα στοιχεία. Ο πατροκτόνος οδηγείται σήμερον ενώπιον του εισαγγελέως.

ΑΘΗΝΑΙ, 13.— Εις την ανάκρισιν του στυγερού εγκλήματος ανεκαλύφθησαν νέα στοιχεία. Ο πατροκτόνος οδηγείται σήμερον ενώπιον του εισαγγελέως.

ΑΘΗΝΑΙ, 13.— Εις την ανάκρισιν του στυγερού εγκλήματος ανεκαλύφθησαν νέα στοιχεία. Ο πατροκτόνος οδηγείται σήμερον ενώπιον του εισαγγελέως.

ΑΘΗΝΑΙ, 13.— Εις την ανάκρισιν του στυγερού εγκλήματος ανεκαλύφθησαν νέα στοιχεία. Ο πατροκτόνος οδηγείται σήμερον ενώπιον του εισαγγελέως.

ΧΑΡΙΣ ΕΙΣ ΤΗΝ ΕΦΑΡΜΟΓΗΝ ΘΕΤΙΚΩΝ ΜΕΤΡΩΝ ΕΠΕΤΕΥΧΘΗ Η ΣΤΑΘΕΡΟΤΗΣ ΤΩΝ ΤΙΜΩΝ ΜΕ ΠΑΡΑΛΛΗΛΟΝ ΑΥΞΗΣΙΝ ΤΟΥ ΕΙΣΟΔΗΜΑΤΟΣ

ΑΘΗΝΑΙ, 13.— Εκ του υπουργείου Συντονισμού ανεκοινώθη ότι χάρις εις την εφαρμογήν θετικών μέτρων επετεύχθη η σταθερότης των τιμών με παράλληλον αύξησιν του εθνικού εισοδήματος.

ΑΘΗΝΑΙ, 13.— Εκ του υπουργείου Συντονισμού ανεκοινώθη ότι χάρις εις την εφαρμογήν θετικών μέτρων επετεύχθη η σταθερότης των τιμών με παράλληλον αύξησιν του εθνικού εισοδήματος.

ΑΘΗΝΑΙ, 13.— Εκ του υπουργείου Συντονισμού ανεκοινώθη ότι χάρις εις την εφαρμογήν θετικών μέτρων επετεύχθη η σταθερότης των τιμών με παράλληλον αύξησιν του εθνικού εισοδήματος.

ΑΘΗΝΑΙ, 13.— Εκ του υπουργείου Συντονισμού ανεκοινώθη ότι χάρις εις την εφαρμογήν θετικών μέτρων επετεύχθη η σταθερότης των τιμών με παράλληλον αύξησιν του εθνικού εισοδήματος.

ΑΘΗΝΑΙ, 13.— Εκ του υπουργείου Συντονισμού ανεκοινώθη ότι χάρις εις την εφαρμογήν θετικών μέτρων επετεύχθη η σταθερότης των τιμών με παράλληλον αύξησιν του εθνικού εισοδήματος.

ΑΘΗΝΑΙ, 13.— Εκ του υπουργείου Συντονισμού ανεκοινώθη ότι χάρις εις την εφαρμογήν θετικών μέτρων επετεύχθη η σταθερότης των τιμών με παράλληλον αύξησιν του εθνικού εισοδήματος.

ΑΘΗΝΑΙ, 13.— Εκ του υπουργείου Συντονισμού ανεκοινώθη ότι χάρις εις την εφαρμογήν θετικών μέτρων επετεύχθη η σταθερότης των τιμών με παράλληλον αύξησιν του εθνικού εισοδήματος.

ΝΕΑΡΟΣ ΓΕΩΡΓΟΣ ΕΥΡΕ ΤΡΑΓΙΚΟΝ ΘΑΝΑΤΟΝ ΚΑΤΑ ΤΗΝ ΑΝΑΤΡΟΠΗΝ ΤΟΥ ΑΥΤΟΚΙΝΗΤΟΥ

Τέσσαρες νεκροί και 21 τραυματίαι είναι ο απολογισμός των τροχαίων ατυχημάτων του τελευταίου εικοσιτετραώρου.

ΝΕΚΡΟΣ Ο ΟΔΗΓΟΣ

ΛΑΜΙΑ, 13.— Εις το 60ον χιλιόμετρον της εθνικής οδού ανετράπη αυτοκίνητον.

ΛΑΜΙΑ, 13.— Εις το 60ον χιλιόμετρον της εθνικής οδού ανετράπη αυτοκίνητον.

ΕΦΟΝΕΥΘΗ ΑΓΝΩΣΤΟΣ

ΑΘΗΝΑΙ, 13.— Άγνωστος πεζός εφονεύθη παρασυρθείς υπό αυτοκινήτου.

ΑΘΗΝΑΙ, 13.— Άγνωστος πεζός εφονεύθη παρασυρθείς υπό αυτοκινήτου.

ΦΟΝΙΚΗ ΑΝΑΤΡΟΠΗ

ΚΑΒΑΛΑ, 13.— Εις την θέσιν ανετράπη φορτηγόν αυτοκίνητον με αποτέλεσμα τον θάνατον του οδηγού.

ΚΑΒΑΛΑ, 13.— Εις την θέσιν ανετράπη φορτηγόν αυτοκίνητον με αποτέλεσμα τον θάνατον του οδηγού.

ΕΙΣ ΝΕΚΡΟΣ, ΤΡΕΙΣ ΤΡΑΥΜΑΤΙΑΙ

ΚΑΡΔΙΤΣΑ, 13.— Εις το χωρίον σύγκρουσις δύο αυτοκινήτων είχεν ως αποτέλεσμα τον θάνατον ενός και τον τραυματισμόν τριών.

ΚΑΡΔΙΤΣΑ, 13.— Εις το χωρίον σύγκρουσις δύο αυτοκινήτων είχεν ως αποτέλεσμα τον θάνατον ενός και τον τραυματισμόν τριών.

13 ΤΡΑΥΜΑΤΙΑΙ

Εξ άλλου, εις την διασταύρωσιν των οδών συνεκρούσθησαν δύο λεωφορεία.

Εξ άλλου, εις την διασταύρωσιν των οδών συνεκρούσθησαν δύο λεωφορεία.

ΤΑΧΥΝ ΡΥΘΜΟΝ ΑΝΕΠΤΥΞΕ ΕΝΤΟΣ ΤΟΥ 1969 Η ΚΙΝΗΣΙΣ ΤΩΝ ΕΞΩΤΕΡΙΚΩΝ ΣΥΝΑΛΛΑΓΩΝ

ΑΘΗΝΑΙ, 13.— Συμφώνως προς τα στοιχεία της Τραπέζης της Ελλάδος η κίνησις των εξωτερικών συναλλαγών ανέπτυξε ταχύν ρυθμόν κατά το 1969.

ΑΘΗΝΑΙ, 13.— Συμφώνως προς τα στοιχεία της Τραπέζης της Ελλάδος η κίνησις των εξωτερικών συναλλαγών ανέπτυξε ταχύν ρυθμόν κατά το 1969.

ΑΘΗΝΑΙ, 13.— Συμφώνως προς τα στοιχεία της Τραπέζης της Ελλάδος η κίνησις των εξωτερικών συναλλαγών ανέπτυξε ταχύν ρυθμόν κατά το 1969.

ΑΘΗΝΑΙ, 13.— Συμφώνως προς τα στοιχεία της Τραπέζης της Ελλάδος η κίνησις των εξωτερικών συναλλαγών ανέπτυξε ταχύν ρυθμόν κατά το 1969.

ΑΘΗΝΑΙ, 13.— Συμφώνως προς τα στοιχεία της Τραπέζης της Ελλάδος η κίνησις των εξωτερικών συναλλαγών ανέπτυξε ταχύν ρυθμόν κατά το 1969.

Η ΒΟΝΝΗ ΘΑ ΥΠΟΓΡΑΨΗ ΠΡΟ ΤΟΥ ΤΕΛΟΥΣ ΤΟΥ ΕΤΟΥΣ ΤΗΝ ΣΥΜΦΩΝΙΑΝ ΠΕΡΙ ΠΥΡΗΝΙΚΟΥ ΑΦΟΠΛΙΣΜΟΥ
ΣΥΝΕΧΕΙΑ ΕΚ ΤΗΣ 1ΗΣ ΣΕΛ.

Η κυβέρνησις της Βόννης απεφάσισε να υπογράψη την συμφωνίαν περί μη διασποράς των πυρηνικών όπλων πριν από το τέλος του έτους.

Η κυβέρνησις της Βόννης απεφάσισε να υπογράψη την συμφωνίαν περί μη διασποράς των πυρηνικών όπλων πριν από το τέλος του έτους.

Η κυβέρνησις της Βόννης απεφάσισε να υπογράψη την συμφωνίαν περί μη διασποράς των πυρηνικών όπλων πριν από το τέλος του έτους.

Η κυβέρνησις της Βόννης απεφάσισε να υπογράψη την συμφωνίαν περί μη διασποράς των πυρηνικών όπλων πριν από το τέλος του έτους.

Η ΘΕΣΙΣ ΤΗΣ ΒΟΝΝΗΣ

ΒΟΝΝΗ, 13.— Η Δυτική Γερμανία θα υπογράψη την συμφωνίαν υπό ωρισμένας προϋποθέσεις.

ΒΟΝΝΗ, 13.— Η Δυτική Γερμανία θα υπογράψη την συμφωνίαν υπό ωρισμένας προϋποθέσεις.

Ο ΓΑΛΛΙΚΟΣ ΠΥΡΑΥΛΟΣ

ΛΟΝΔΙΝΟΝ, 13.— Η Γαλλία έχει να προσθέση εις το οπλοστάσιόν της τον νέον πύραυλον.

ΛΟΝΔΙΝΟΝ, 13.— Η Γαλλία έχει να προσθέση εις το οπλοστάσιόν της τον νέον πύραυλον.

ΛΟΝΔΙΝΟΝ, 13.— Η Γαλλία έχει να προσθέση εις το οπλοστάσιόν της τον νέον πύραυλον.
